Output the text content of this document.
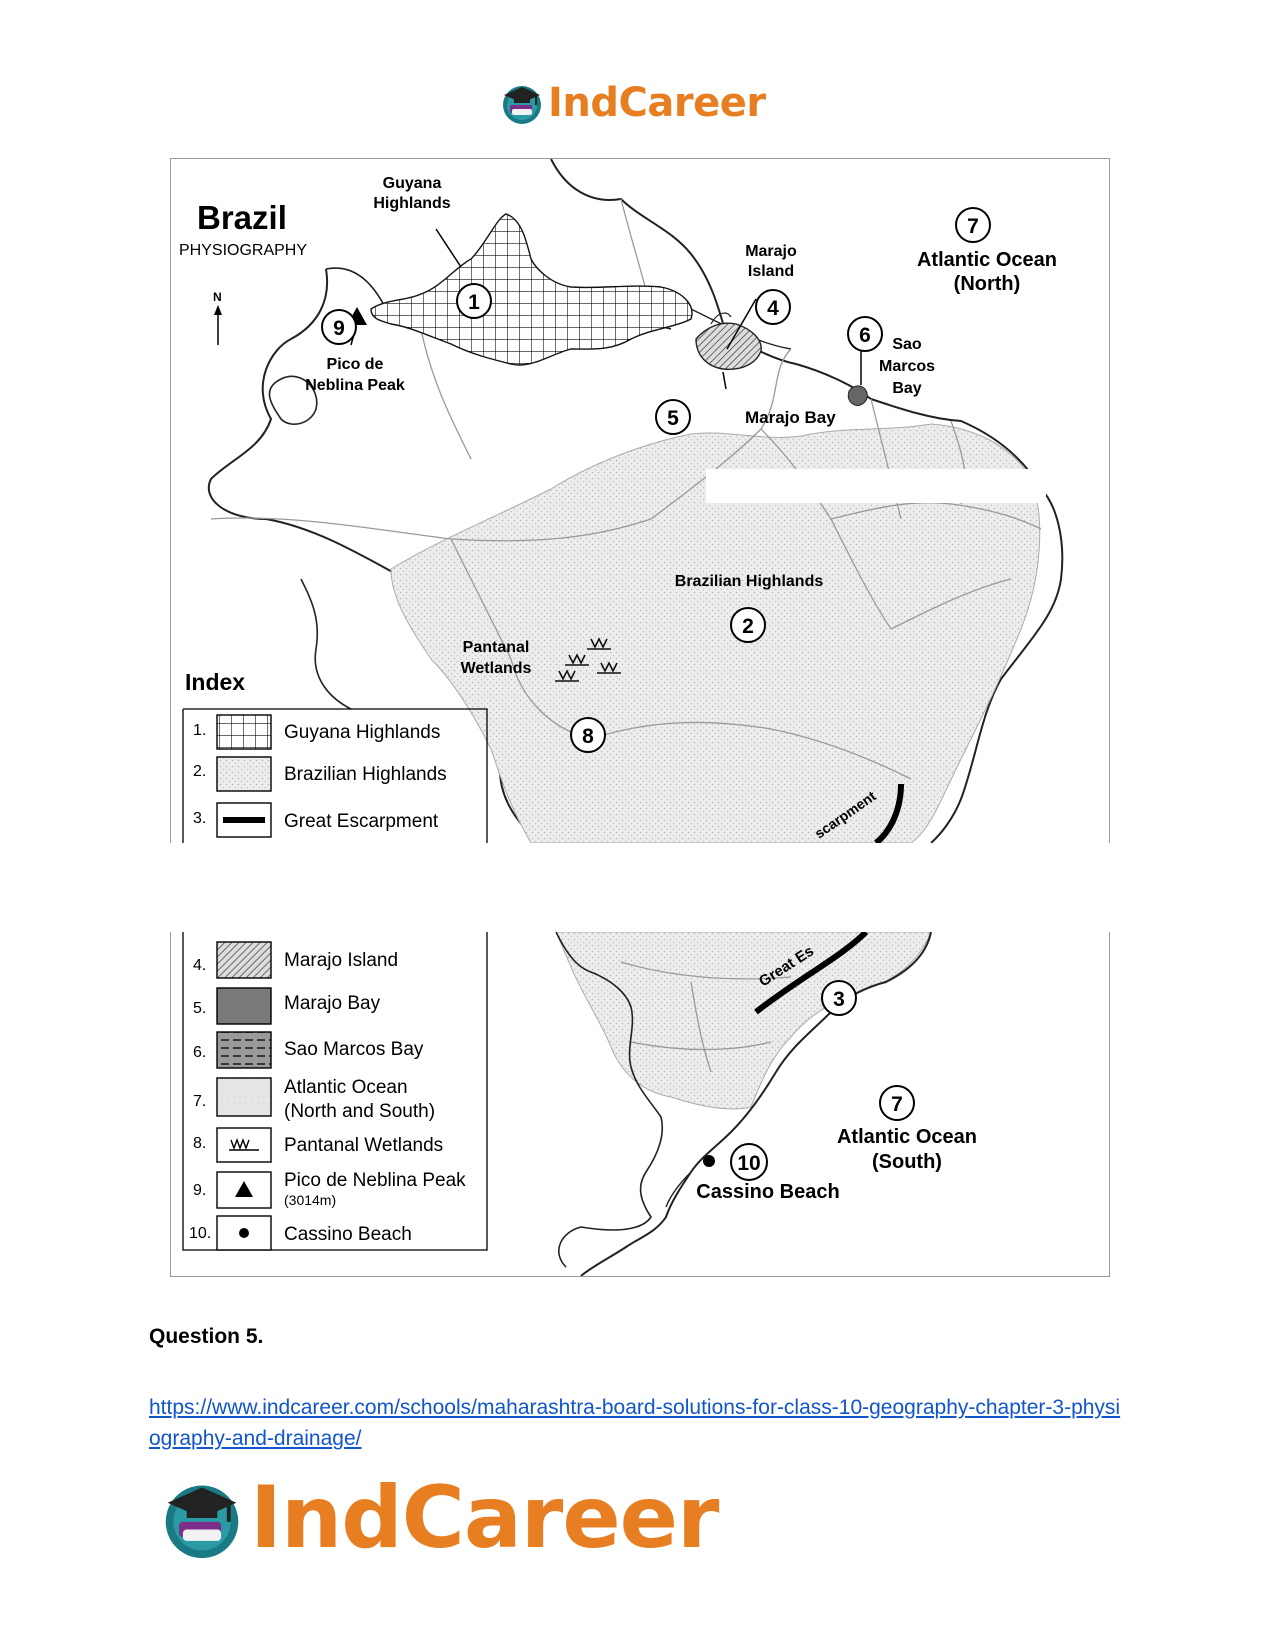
IndCareer
scarpment
Brazil
PHYSIOGRAPHY
N
Guyana
Highlands
Pico de
Neblina Peak
Marajo
Island
Marajo Bay
Sao
Marcos
Bay
Atlantic Ocean
(North)
Brazilian Highlands
Pantanal
Wetlands
1
2
4
5
6
7
8
9
Index
1.	Guyana Highlands
2.	Brazilian Highlands
3.	Great Escarpment
Great Es
3
7
10
Atlantic Ocean
(South)
Cassino Beach
4.	Marajo Island
5.	Marajo Bay
6.	Sao Marcos Bay
7.
Atlantic Ocean
(North and South)
8.	Pantanal Wetlands
9.	Pico de Neblina Peak
(3014m)
10.	Cassino Beach
Question 5.
https://www.indcareer.com/schools/maharashtra-board-solutions-for-class-10-geography-chapter-3-physiography-and-drainage/
IndCareer
